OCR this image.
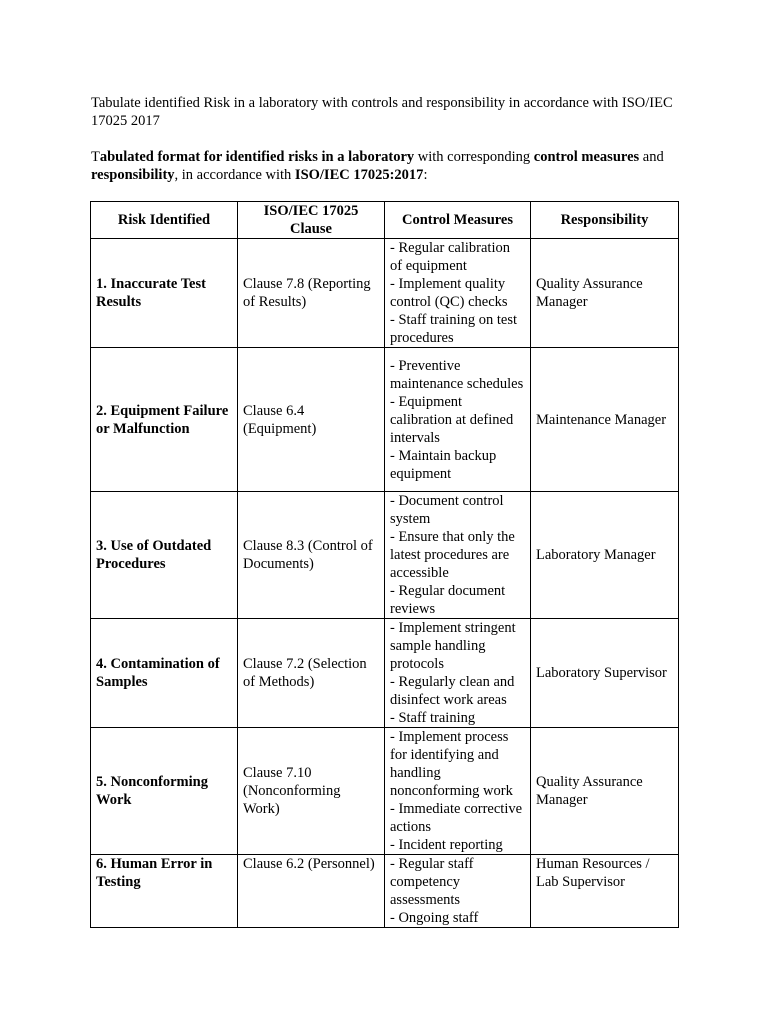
Tabulate identified Risk in a laboratory with controls and responsibility in accordance with ISO/IEC 17025 2017

Tabulated format for identified risks in a laboratory with corresponding control measures and responsibility, in accordance with ISO/IEC 17025:2017:

Risk Identified	ISO/IEC 17025 Clause	Control Measures	Responsibility
1. Inaccurate Test Results	Clause 7.8 (Reporting of Results)	- Regular calibration of equipment
- Implement quality control (QC) checks
- Staff training on test procedures	Quality Assurance Manager
2. Equipment Failure or Malfunction	Clause 6.4 (Equipment)	- Preventive maintenance schedules
- Equipment calibration at defined intervals
- Maintain backup equipment	Maintenance Manager
3. Use of Outdated Procedures	Clause 8.3 (Control of Documents)	- Document control system
- Ensure that only the latest procedures are accessible
- Regular document reviews	Laboratory Manager
4. Contamination of Samples	Clause 7.2 (Selection of Methods)	- Implement stringent sample handling protocols
- Regularly clean and disinfect work areas
- Staff training	Laboratory Supervisor
5. Nonconforming Work	Clause 7.10 (Nonconforming Work)	- Implement process for identifying and handling nonconforming work
- Immediate corrective actions
- Incident reporting	Quality Assurance Manager
6. Human Error in Testing	Clause 6.2 (Personnel)	- Regular staff competency assessments
- Ongoing staff	Human Resources / Lab Supervisor
